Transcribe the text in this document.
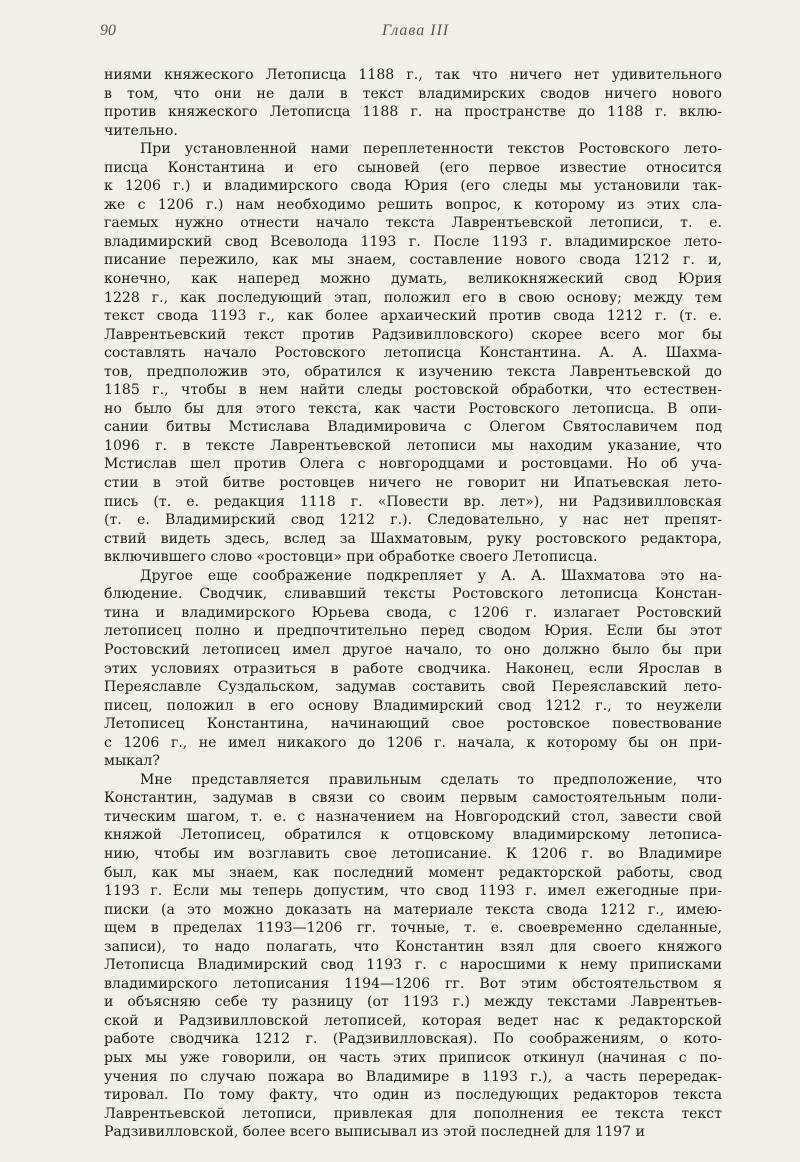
90	Глава III

ниями княжеского Летописца 1188 г., так что ничего нет удивительного
в том, что они не дали в текст владимирских сводов ничего нового
против княжеского Летописца 1188 г. на пространстве до 1188 г. вклю-
чительно.

При установленной нами переплетенности текстов Ростовского лето-
писца Константина и его сыновей (его первое известие относится
к 1206 г.) и владимирского свода Юрия (его следы мы установили так-
же с 1206 г.) нам необходимо решить вопрос, к которому из этих сла-
гаемых нужно отнести начало текста Лаврентьевской летописи, т. е.
владимирский свод Всеволода 1193 г. После 1193 г. владимирское лето-
писание пережило, как мы знаем, составление нового свода 1212 г. и,
конечно, как наперед можно думать, великокняжеский свод Юрия
1228 г., как последующий этап, положил его в свою основу; между тем
текст свода 1193 г., как более архаический против свода 1212 г. (т. е.
Лаврентьевский текст против Радзивилловского) скорее всего мог бы
составлять начало Ростовского летописца Константина. А. А. Шахма-
тов, предположив это, обратился к изучению текста Лаврентьевской до
1185 г., чтобы в нем найти следы ростовской обработки, что естествен-
но было бы для этого текста, как части Ростовского летописца. В опи-
сании битвы Мстислава Владимировича с Олегом Святославичем под
1096 г. в тексте Лаврентьевской летописи мы находим указание, что
Мстислав шел против Олега с новгородцами и ростовцами. Но об уча-
стии в этой битве ростовцев ничего не говорит ни Ипатьевская лето-
пись (т. е. редакция 1118 г. «Повести вр. лет»), ни Радзивилловская
(т. е. Владимирский свод 1212 г.). Следовательно, у нас нет препят-
ствий видеть здесь, вслед за Шахматовым, руку ростовского редактора,
включившего слово «ростовци» при обработке своего Летописца.

Другое еще соображение подкрепляет у А. А. Шахматова это на-
блюдение. Сводчик, сливавший тексты Ростовского летописца Констан-
тина и владимирского Юрьева свода, с 1206 г. излагает Ростовский
летописец полно и предпочтительно перед сводом Юрия. Если бы этот
Ростовский летописец имел другое начало, то оно должно было бы при
этих условиях отразиться в работе сводчика. Наконец, если Ярослав в
Переяславле Суздальском, задумав составить свой Переяславский лето-
писец, положил в его основу Владимирский свод 1212 г., то неужели
Летописец Константина, начинающий свое ростовское повествование
с 1206 г., не имел никакого до 1206 г. начала, к которому бы он при-
мыкал?

Мне представляется правильным сделать то предположение, что
Константин, задумав в связи со своим первым самостоятельным поли-
тическим шагом, т. е. с назначением на Новгородский стол, завести свой
княжой Летописец, обратился к отцовскому владимирскому летописа-
нию, чтобы им возглавить свое летописание. К 1206 г. во Владимире
был, как мы знаем, как последний момент редакторской работы, свод
1193 г. Если мы теперь допустим, что свод 1193 г. имел ежегодные при-
писки (а это можно доказать на материале текста свода 1212 г., имею-
щем в пределах 1193—1206 гг. точные, т. е. своевременно сделанные,
записи), то надо полагать, что Константин взял для своего княжого
Летописца Владимирский свод 1193 г. с наросшими к нему приписками
владимирского летописания 1194—1206 гг. Вот этим обстоятельством я
и объясняю себе ту разницу (от 1193 г.) между текстами Лаврентьев-
ской и Радзивилловской летописей, которая ведет нас к редакторской
работе сводчика 1212 г. (Радзивилловская). По соображениям, о кото-
рых мы уже говорили, он часть этих приписок откинул (начиная с по-
учения по случаю пожара во Владимире в 1193 г.), а часть перередак-
тировал. По тому факту, что один из последующих редакторов текста
Лаврентьевской летописи, привлекая для пополнения ее текста текст
Радзивилловской, более всего выписывал из этой последней для 1197 и
